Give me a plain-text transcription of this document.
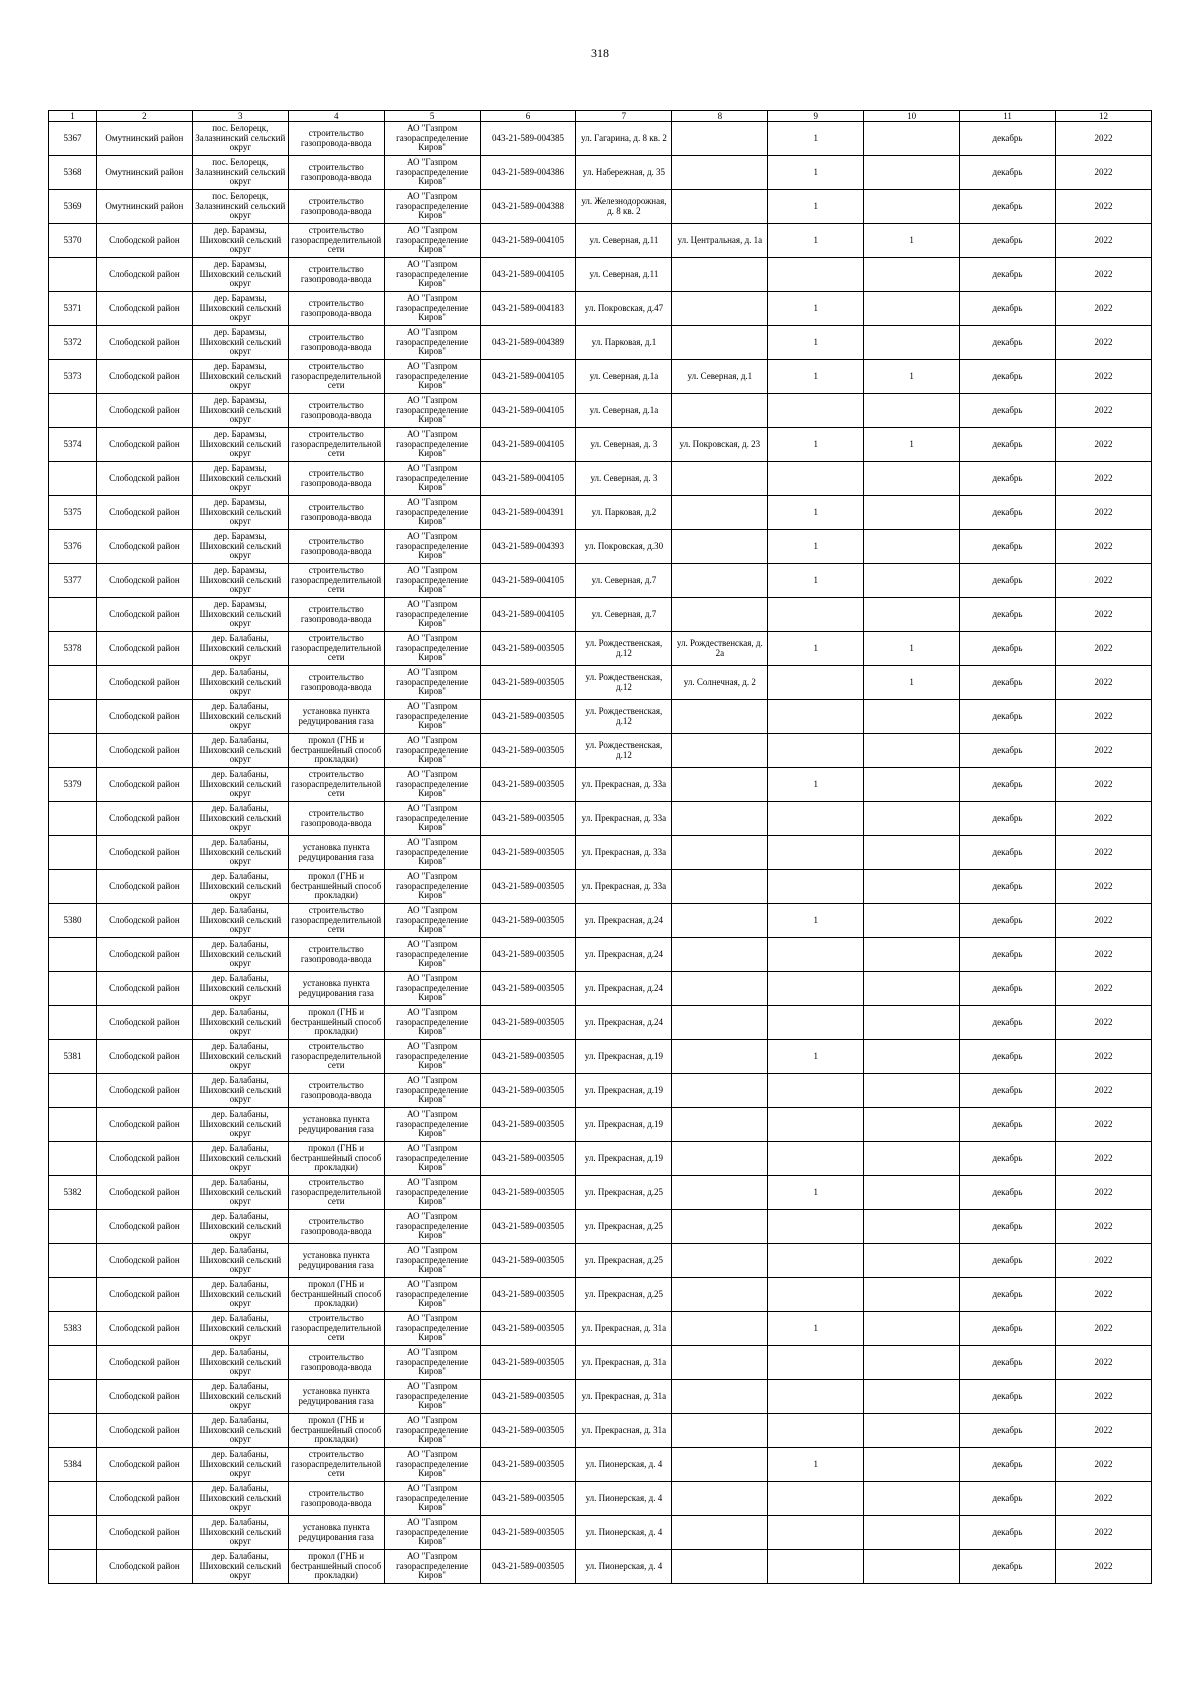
318
1	2	3	4	5	6	7	8	9	10	11	12

5367	Омутнинский район	пос. Белорецк, Залазнинский сельский округ	строительство газопровода-ввода	АО "Газпром газораспределение Киров"	043-21-589-004385	ул. Гагарина, д. 8 кв. 2		1		декабрь	2022

5368	Омутнинский район	пос. Белорецк, Залазнинский сельский округ	строительство газопровода-ввода	АО "Газпром газораспределение Киров"	043-21-589-004386	ул. Набережная, д. 35		1		декабрь	2022

5369	Омутнинский район	пос. Белорецк, Залазнинский сельский округ	строительство газопровода-ввода	АО "Газпром газораспределение Киров"	043-21-589-004388	ул. Железнодорожная, д. 8 кв. 2		1		декабрь	2022

5370	Слободской район	дер. Барамзы, Шиховский сельский округ	строительство газораспределительной сети	АО "Газпром газораспределение Киров"	043-21-589-004105	ул. Северная, д.11	ул. Центральная, д. 1а	1	1	декабрь	2022

	Слободской район	дер. Барамзы, Шиховский сельский округ	строительство газопровода-ввода	АО "Газпром газораспределение Киров"	043-21-589-004105	ул. Северная, д.11				декабрь	2022

5371	Слободской район	дер. Барамзы, Шиховский сельский округ	строительство газопровода-ввода	АО "Газпром газораспределение Киров"	043-21-589-004183	ул. Покровская, д.47		1		декабрь	2022

5372	Слободской район	дер. Барамзы, Шиховский сельский округ	строительство газопровода-ввода	АО "Газпром газораспределение Киров"	043-21-589-004389	ул. Парковая, д.1		1		декабрь	2022

5373	Слободской район	дер. Барамзы, Шиховский сельский округ	строительство газораспределительной сети	АО "Газпром газораспределение Киров"	043-21-589-004105	ул. Северная, д.1а	ул. Северная, д.1	1	1	декабрь	2022

	Слободской район	дер. Барамзы, Шиховский сельский округ	строительство газопровода-ввода	АО "Газпром газораспределение Киров"	043-21-589-004105	ул. Северная, д.1а				декабрь	2022

5374	Слободской район	дер. Барамзы, Шиховский сельский округ	строительство газораспределительной сети	АО "Газпром газораспределение Киров"	043-21-589-004105	ул. Северная, д. 3	ул. Покровская, д. 23	1	1	декабрь	2022

	Слободской район	дер. Барамзы, Шиховский сельский округ	строительство газопровода-ввода	АО "Газпром газораспределение Киров"	043-21-589-004105	ул. Северная, д. 3				декабрь	2022

5375	Слободской район	дер. Барамзы, Шиховский сельский округ	строительство газопровода-ввода	АО "Газпром газораспределение Киров"	043-21-589-004391	ул. Парковая, д.2		1		декабрь	2022

5376	Слободской район	дер. Барамзы, Шиховский сельский округ	строительство газопровода-ввода	АО "Газпром газораспределение Киров"	043-21-589-004393	ул. Покровская, д.30		1		декабрь	2022

5377	Слободской район	дер. Барамзы, Шиховский сельский округ	строительство газораспределительной сети	АО "Газпром газораспределение Киров"	043-21-589-004105	ул. Северная, д.7		1		декабрь	2022

	Слободской район	дер. Барамзы, Шиховский сельский округ	строительство газопровода-ввода	АО "Газпром газораспределение Киров"	043-21-589-004105	ул. Северная, д.7				декабрь	2022

5378	Слободской район	дер. Балабаны, Шиховский сельский округ	строительство газораспределительной сети	АО "Газпром газораспределение Киров"	043-21-589-003505	ул. Рождественская, д.12	ул. Рождественская, д. 2а	1	1	декабрь	2022

	Слободской район	дер. Балабаны, Шиховский сельский округ	строительство газопровода-ввода	АО "Газпром газораспределение Киров"	043-21-589-003505	ул. Рождественская, д.12	ул. Солнечная, д. 2		1	декабрь	2022

	Слободской район	дер. Балабаны, Шиховский сельский округ	установка пункта редуцирования газа	АО "Газпром газораспределение Киров"	043-21-589-003505	ул. Рождественская, д.12				декабрь	2022

	Слободской район	дер. Балабаны, Шиховский сельский округ	прокол (ГНБ и бестраншейный способ прокладки)	АО "Газпром газораспределение Киров"	043-21-589-003505	ул. Рождественская, д.12				декабрь	2022

5379	Слободской район	дер. Балабаны, Шиховский сельский округ	строительство газораспределительной сети	АО "Газпром газораспределение Киров"	043-21-589-003505	ул. Прекрасная, д. 33а		1		декабрь	2022

	Слободской район	дер. Балабаны, Шиховский сельский округ	строительство газопровода-ввода	АО "Газпром газораспределение Киров"	043-21-589-003505	ул. Прекрасная, д. 33а				декабрь	2022

	Слободской район	дер. Балабаны, Шиховский сельский округ	установка пункта редуцирования газа	АО "Газпром газораспределение Киров"	043-21-589-003505	ул. Прекрасная, д. 33а				декабрь	2022

	Слободской район	дер. Балабаны, Шиховский сельский округ	прокол (ГНБ и бестраншейный способ прокладки)	АО "Газпром газораспределение Киров"	043-21-589-003505	ул. Прекрасная, д. 33а				декабрь	2022

5380	Слободской район	дер. Балабаны, Шиховский сельский округ	строительство газораспределительной сети	АО "Газпром газораспределение Киров"	043-21-589-003505	ул. Прекрасная, д.24		1		декабрь	2022

	Слободской район	дер. Балабаны, Шиховский сельский округ	строительство газопровода-ввода	АО "Газпром газораспределение Киров"	043-21-589-003505	ул. Прекрасная, д.24				декабрь	2022

	Слободской район	дер. Балабаны, Шиховский сельский округ	установка пункта редуцирования газа	АО "Газпром газораспределение Киров"	043-21-589-003505	ул. Прекрасная, д.24				декабрь	2022

	Слободской район	дер. Балабаны, Шиховский сельский округ	прокол (ГНБ и бестраншейный способ прокладки)	АО "Газпром газораспределение Киров"	043-21-589-003505	ул. Прекрасная, д.24				декабрь	2022

5381	Слободской район	дер. Балабаны, Шиховский сельский округ	строительство газораспределительной сети	АО "Газпром газораспределение Киров"	043-21-589-003505	ул. Прекрасная, д.19		1		декабрь	2022

	Слободской район	дер. Балабаны, Шиховский сельский округ	строительство газопровода-ввода	АО "Газпром газораспределение Киров"	043-21-589-003505	ул. Прекрасная, д.19				декабрь	2022

	Слободской район	дер. Балабаны, Шиховский сельский округ	установка пункта редуцирования газа	АО "Газпром газораспределение Киров"	043-21-589-003505	ул. Прекрасная, д.19				декабрь	2022

	Слободской район	дер. Балабаны, Шиховский сельский округ	прокол (ГНБ и бестраншейный способ прокладки)	АО "Газпром газораспределение Киров"	043-21-589-003505	ул. Прекрасная, д.19				декабрь	2022

5382	Слободской район	дер. Балабаны, Шиховский сельский округ	строительство газораспределительной сети	АО "Газпром газораспределение Киров"	043-21-589-003505	ул. Прекрасная, д.25		1		декабрь	2022

	Слободской район	дер. Балабаны, Шиховский сельский округ	строительство газопровода-ввода	АО "Газпром газораспределение Киров"	043-21-589-003505	ул. Прекрасная, д.25				декабрь	2022

	Слободской район	дер. Балабаны, Шиховский сельский округ	установка пункта редуцирования газа	АО "Газпром газораспределение Киров"	043-21-589-003505	ул. Прекрасная, д.25				декабрь	2022

	Слободской район	дер. Балабаны, Шиховский сельский округ	прокол (ГНБ и бестраншейный способ прокладки)	АО "Газпром газораспределение Киров"	043-21-589-003505	ул. Прекрасная, д.25				декабрь	2022

5383	Слободской район	дер. Балабаны, Шиховский сельский округ	строительство газораспределительной сети	АО "Газпром газораспределение Киров"	043-21-589-003505	ул. Прекрасная, д. 31а		1		декабрь	2022

	Слободской район	дер. Балабаны, Шиховский сельский округ	строительство газопровода-ввода	АО "Газпром газораспределение Киров"	043-21-589-003505	ул. Прекрасная, д. 31а				декабрь	2022

	Слободской район	дер. Балабаны, Шиховский сельский округ	установка пункта редуцирования газа	АО "Газпром газораспределение Киров"	043-21-589-003505	ул. Прекрасная, д. 31а				декабрь	2022

	Слободской район	дер. Балабаны, Шиховский сельский округ	прокол (ГНБ и бестраншейный способ прокладки)	АО "Газпром газораспределение Киров"	043-21-589-003505	ул. Прекрасная, д. 31а				декабрь	2022

5384	Слободской район	дер. Балабаны, Шиховский сельский округ	строительство газораспределительной сети	АО "Газпром газораспределение Киров"	043-21-589-003505	ул. Пионерская, д. 4		1		декабрь	2022

	Слободской район	дер. Балабаны, Шиховский сельский округ	строительство газопровода-ввода	АО "Газпром газораспределение Киров"	043-21-589-003505	ул. Пионерская, д. 4				декабрь	2022

	Слободской район	дер. Балабаны, Шиховский сельский округ	установка пункта редуцирования газа	АО "Газпром газораспределение Киров"	043-21-589-003505	ул. Пионерская, д. 4				декабрь	2022

	Слободской район	дер. Балабаны, Шиховский сельский округ	прокол (ГНБ и бестраншейный способ прокладки)	АО "Газпром газораспределение Киров"	043-21-589-003505	ул. Пионерская, д. 4				декабрь	2022
